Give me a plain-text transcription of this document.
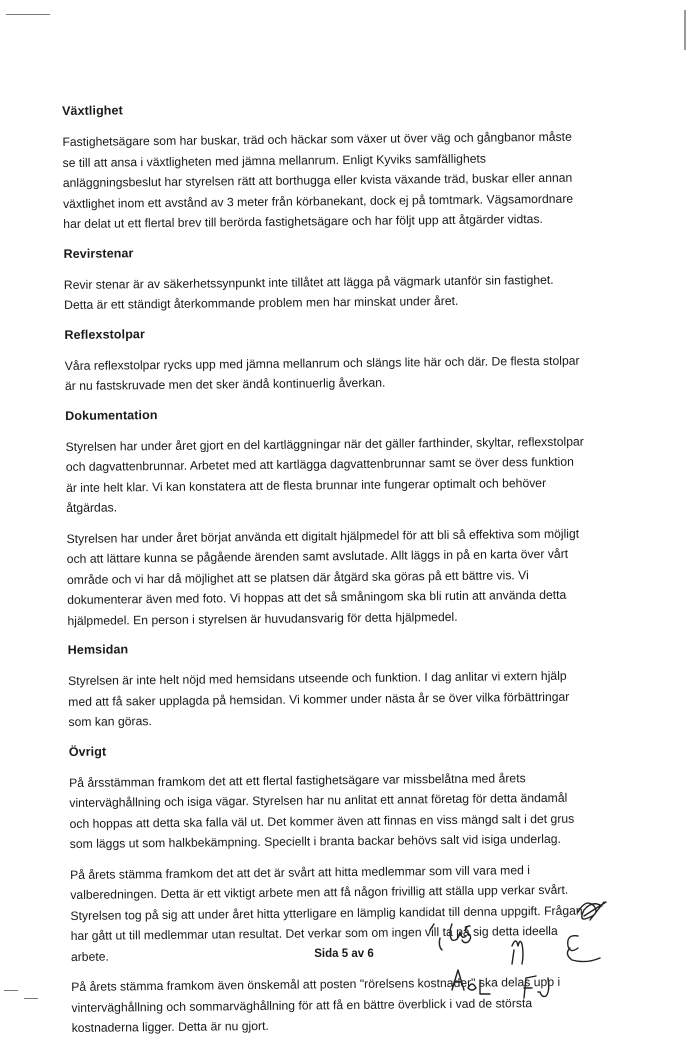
Växtlighet

Fastighetsägare som har buskar, träd och häckar som växer ut över väg och gångbanor måste se till att ansa i växtligheten med jämna mellanrum. Enligt Kyviks samfällighets anläggningsbeslut har styrelsen rätt att borthugga eller kvista växande träd, buskar eller annan växtlighet inom ett avstånd av 3 meter från körbanekant, dock ej på tomtmark. Vägsamordnare har delat ut ett flertal brev till berörda fastighetsägare och har följt upp att åtgärder vidtas.

Revirstenar

Revir stenar är av säkerhetssynpunkt inte tillåtet att lägga på vägmark utanför sin fastighet. Detta är ett ständigt återkommande problem men har minskat under året.

Reflexstolpar

Våra reflexstolpar rycks upp med jämna mellanrum och slängs lite här och där. De flesta stolpar är nu fastskruvade men det sker ändå kontinuerlig åverkan.

Dokumentation

Styrelsen har under året gjort en del kartläggningar när det gäller farthinder, skyltar, reflexstolpar och dagvattenbrunnar. Arbetet med att kartlägga dagvattenbrunnar samt se över dess funktion är inte helt klar. Vi kan konstatera att de flesta brunnar inte fungerar optimalt och behöver åtgärdas.

Styrelsen har under året börjat använda ett digitalt hjälpmedel för att bli så effektiva som möjligt och att lättare kunna se pågående ärenden samt avslutade. Allt läggs in på en karta över vårt område och vi har då möjlighet att se platsen där åtgärd ska göras på ett bättre vis. Vi dokumenterar även med foto. Vi hoppas att det så småningom ska bli rutin att använda detta hjälpmedel. En person i styrelsen är huvudansvarig för detta hjälpmedel.

Hemsidan

Styrelsen är inte helt nöjd med hemsidans utseende och funktion. I dag anlitar vi extern hjälp med att få saker upplagda på hemsidan. Vi kommer under nästa år se över vilka förbättringar som kan göras.

Övrigt

På årsstämman framkom det att ett flertal fastighetsägare var missbelåtna med årets vinterväghållning och isiga vägar. Styrelsen har nu anlitat ett annat företag för detta ändamål och hoppas att detta ska falla väl ut. Det kommer även att finnas en viss mängd salt i det grus som läggs ut som halkbekämpning. Speciellt i branta backar behövs salt vid isiga underlag.

På årets stämma framkom det att det är svårt att hitta medlemmar som vill vara med i valberedningen. Detta är ett viktigt arbete men att få någon frivillig att ställa upp verkar svårt. Styrelsen tog på sig att under året hitta ytterligare en lämplig kandidat till denna uppgift. Frågan har gått ut till medlemmar utan resultat. Det verkar som om ingen vill ta på sig detta ideella arbete.

På årets stämma framkom även önskemål att posten "rörelsens kostnader" ska delas upp i vinterväghållning och sommarväghållning för att få en bättre överblick i vad de största kostnaderna ligger. Detta är nu gjort.

Sida 5 av 6
